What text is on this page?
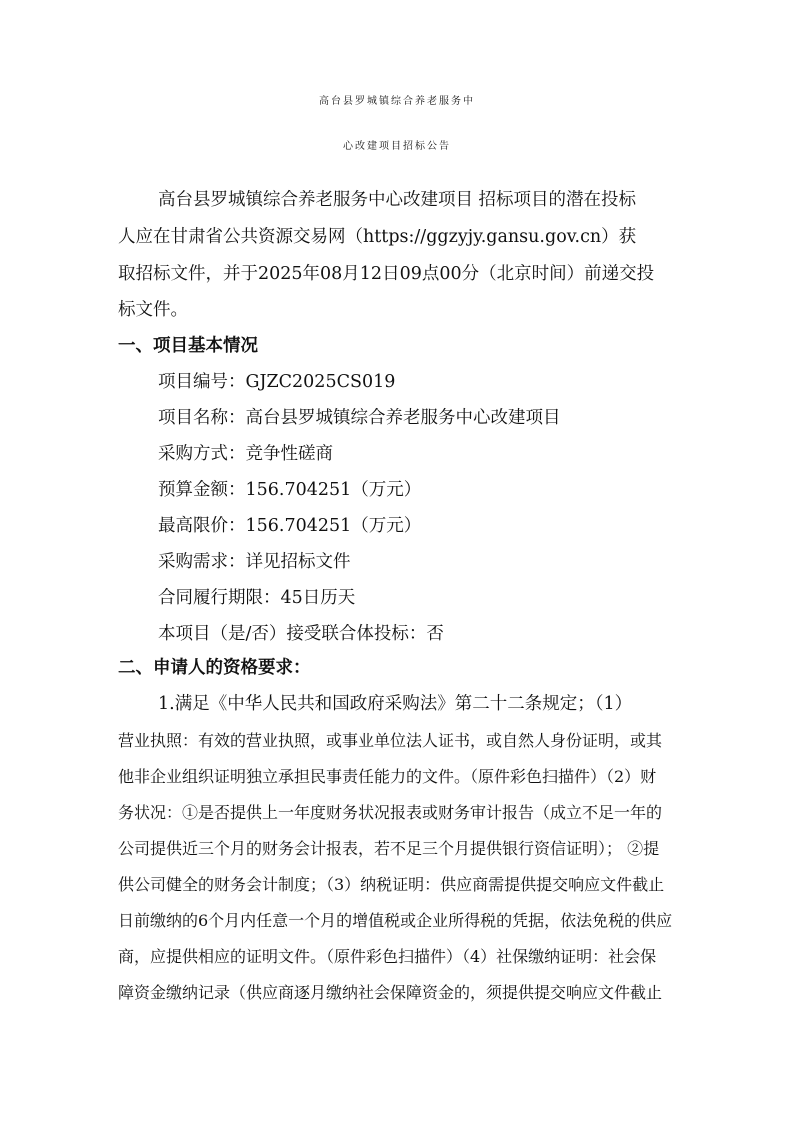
高台县罗城镇综合养老服务中
心改建项目招标公告
高台县罗城镇综合养老服务中心改建项目 招标项目的潜在投标
人应在甘肃省公共资源交易网（https://ggzyjy.gansu.gov.cn）获
取招标文件，并于2025年08月12日09点00分（北京时间）前递交投
标文件。
一、项目基本情况
项目编号：GJZC2025CS019
项目名称：高台县罗城镇综合养老服务中心改建项目
采购方式：竞争性磋商
预算金额：156.704251（万元）
最高限价：156.704251（万元）
采购需求：详见招标文件
合同履行期限：45日历天
本项目（是/否）接受联合体投标：否
二、申请人的资格要求：
1.满足《中华人民共和国政府采购法》第二十二条规定；（1）
营业执照：有效的营业执照，或事业单位法人证书，或自然人身份证明，或其
他非企业组织证明独立承担民事责任能力的文件。（原件彩色扫描件）（2）财
务状况：①是否提供上一年度财务状况报表或财务审计报告（成立不足一年的
公司提供近三个月的财务会计报表，若不足三个月提供银行资信证明）； ②提
供公司健全的财务会计制度；（3）纳税证明：供应商需提供提交响应文件截止
日前缴纳的6个月内任意一个月的增值税或企业所得税的凭据，依法免税的供应
商，应提供相应的证明文件。（原件彩色扫描件）（4）社保缴纳证明：社会保
障资金缴纳记录（供应商逐月缴纳社会保障资金的，须提供提交响应文件截止
